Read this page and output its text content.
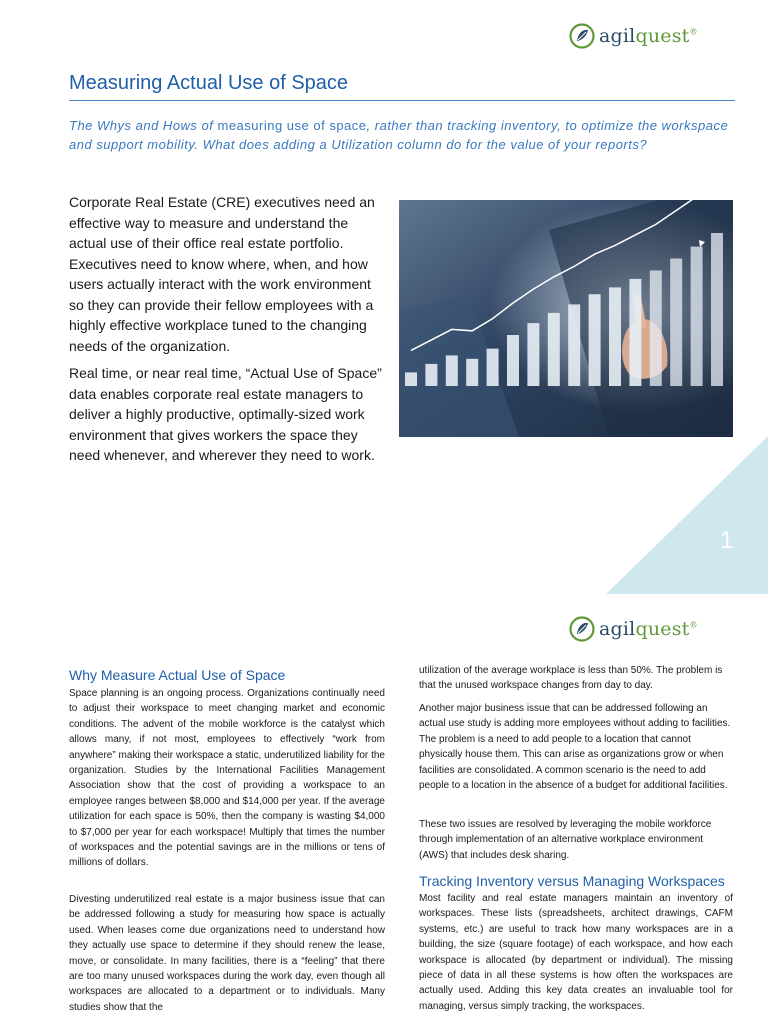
agilquest®
Measuring Actual Use of Space

The Whys and Hows of measuring use of space, rather than tracking inventory, to optimize the workspace and support mobility. What does adding a Utilization column do for the value of your reports?

Corporate Real Estate (CRE) executives need an effective way to measure and understand the actual use of their office real estate portfolio. Executives need to know where, when, and how users actually interact with the work environment so they can provide their fellow employees with a highly effective workplace tuned to the changing needs of the organization.

Real time, or near real time, “Actual Use of Space” data enables corporate real estate managers to deliver a highly productive, optimally-sized work environment that gives workers the space they need whenever, and wherever they need to work.

1
agilquest®
Why Measure Actual Use of Space

Space planning is an ongoing process. Organizations continually need to adjust their workspace to meet changing market and economic conditions. The advent of the mobile workforce is the catalyst which allows many, if not most, employees to effectively “work from anywhere” making their workspace a static, underutilized liability for the organization. Studies by the International Facilities Management Association show that the cost of providing a workspace to an employee ranges between $8,000 and $14,000 per year. If the average utilization for each space is 50%, then the company is wasting $4,000 to $7,000 per year for each workspace! Multiply that times the number of workspaces and the potential savings are in the millions or tens of millions of dollars.

Divesting underutilized real estate is a major business issue that can be addressed following a study for measuring how space is actually used. When leases come due organizations need to understand how they actually use space to determine if they should renew the lease, move, or consolidate. In many facilities, there is a “feeling” that there are too many unused workspaces during the work day, even though all workspaces are allocated to a department or to individuals. Many studies show that the

utilization of the average workplace is less than 50%. The problem is that the unused workspace changes from day to day.

Another major business issue that can be addressed following an actual use study is adding more employees without adding to facilities. The problem is a need to add people to a location that cannot physically house them. This can arise as organizations grow or when facilities are consolidated. A common scenario is the need to add people to a location in the absence of a budget for additional facilities.

These two issues are resolved by leveraging the mobile workforce through implementation of an alternative workplace environment (AWS) that includes desk sharing.

Tracking Inventory versus Managing Workspaces

Most facility and real estate managers maintain an inventory of workspaces. These lists (spreadsheets, architect drawings, CAFM systems, etc.) are useful to track how many workspaces are in a building, the size (square footage) of each workspace, and how each workspace is allocated (by department or individual). The missing piece of data in all these systems is how often the workspaces are actually used. Adding this key data creates an invaluable tool for managing, versus simply tracking, the workspaces.
